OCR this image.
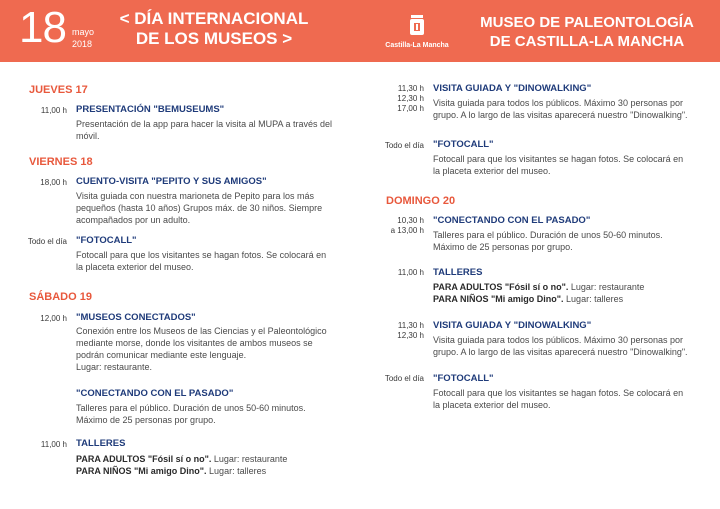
18 mayo
2018
< DÍA INTERNACIONAL
DE LOS MUSEOS >	Castilla-La Mancha
MUSEO DE PALEONTOLOGÍA
DE CASTILLA-LA MANCHA
JUEVES 17
11,00 h PRESENTACIÓN "BEMUSEUMS"
Presentación de la app para hacer la visita al MUPA a través del
móvil.
VIERNES 18
18,00 h CUENTO-VISITA "PEPITO Y SUS AMIGOS"
Visita guiada con nuestra marioneta de Pepito para los más
pequeños (hasta 10 años) Grupos máx. de 30 niños. Siempre
acompañados por un adulto.
Todo el día "FOTOCALL"
Fotocall para que los visitantes se hagan fotos. Se colocará en
la placeta exterior del museo.
SÁBADO 19
12,00 h "MUSEOS CONECTADOS"
Conexión entre los Museos de las Ciencias y el Paleontológico
mediante morse, donde los visitantes de ambos museos se
podrán comunicar mediante este lenguaje.
Lugar: restaurante.
"CONECTANDO CON EL PASADO"
Talleres para el público. Duración de unos 50-60 minutos.
Máximo de 25 personas por grupo.
11,00 h TALLERES
PARA ADULTOS "Fósil sí o no". Lugar: restaurante
PARA NIÑOS "Mi amigo Dino". Lugar: talleres
11,30 h
12,30 h
17,00 h
VISITA GUIADA Y "DINOWALKING"
Visita guiada para todos los públicos. Máximo 30 personas por
grupo. A lo largo de las visitas aparecerá nuestro "Dinowalking".
Todo el día "FOTOCALL"
Fotocall para que los visitantes se hagan fotos. Se colocará en
la placeta exterior del museo.
DOMINGO 20
10,30 h
a 13,00 h
"CONECTANDO CON EL PASADO"
Talleres para el público. Duración de unos 50-60 minutos.
Máximo de 25 personas por grupo.
11,00 h TALLERES
PARA ADULTOS "Fósil sí o no". Lugar: restaurante
PARA NIÑOS "Mi amigo Dino". Lugar: talleres
11,30 h
12,30 h
VISITA GUIADA Y "DINOWALKING"
Visita guiada para todos los públicos. Máximo 30 personas por
grupo. A lo largo de las visitas aparecerá nuestro "Dinowalking".
Todo el día "FOTOCALL"
Fotocall para que los visitantes se hagan fotos. Se colocará en
la placeta exterior del museo.
